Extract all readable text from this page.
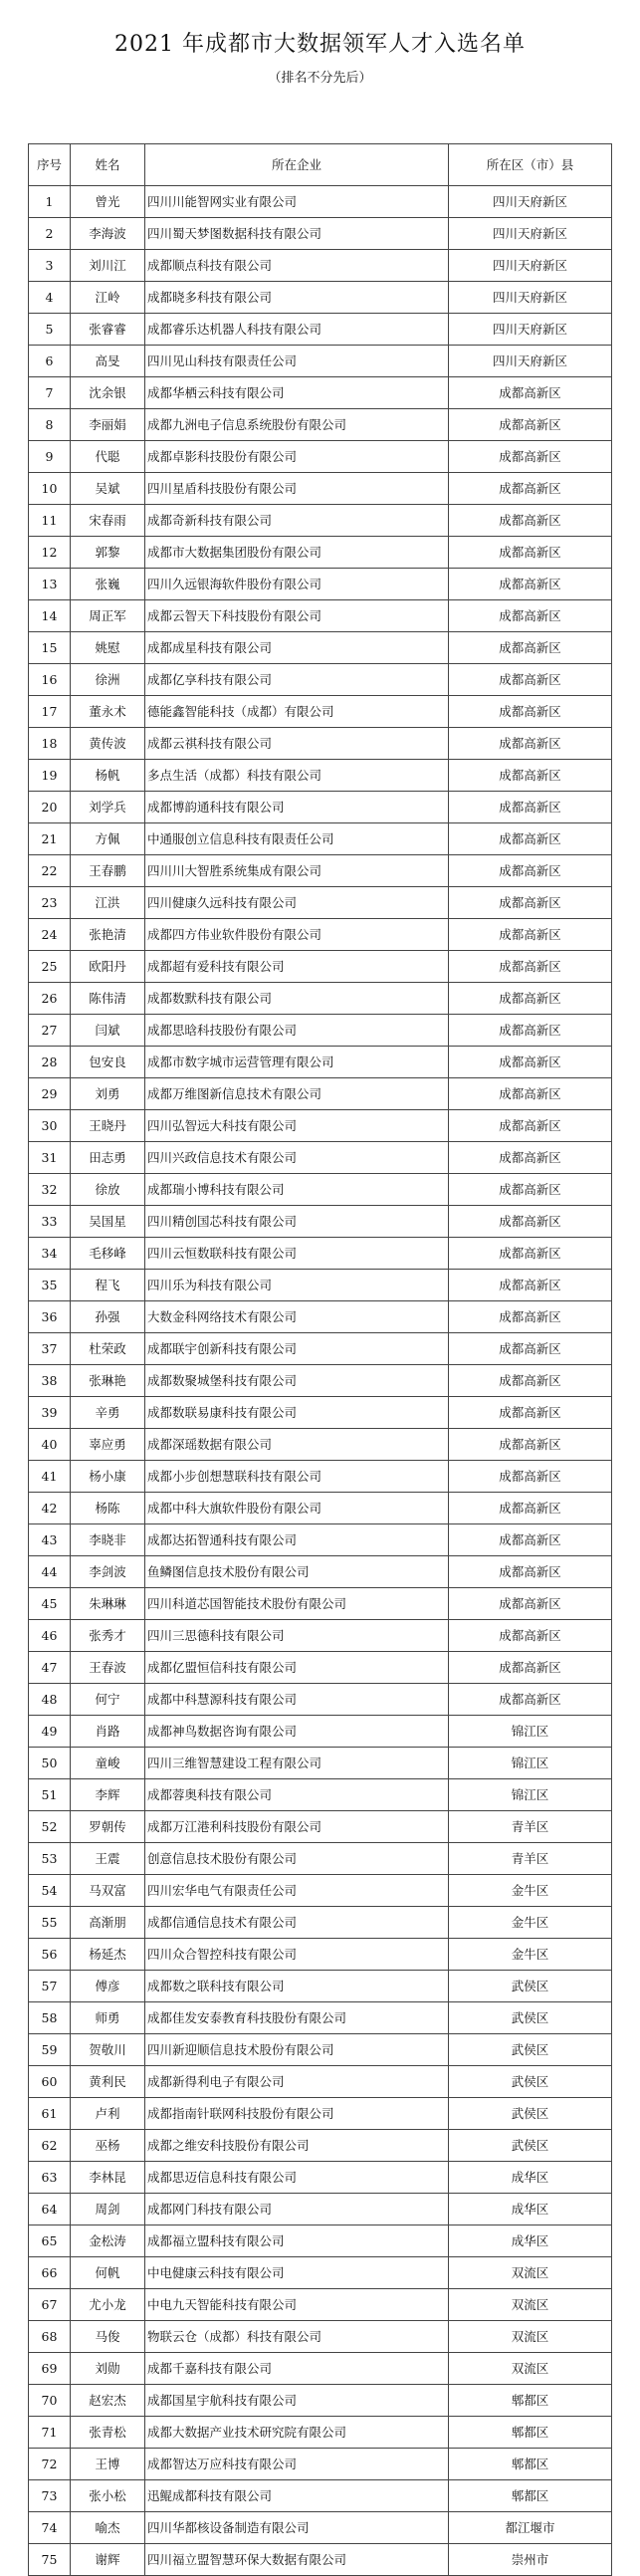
2021 年成都市大数据领军人才入选名单
（排名不分先后）
序号	姓名	所在企业	所在区（市）县
1	曾光	四川川能智网实业有限公司	四川天府新区
2	李海波	四川蜀天梦图数据科技有限公司	四川天府新区
3	刘川江	成都顺点科技有限公司	四川天府新区
4	江岭	成都晓多科技有限公司	四川天府新区
5	张睿睿	成都睿乐达机器人科技有限公司	四川天府新区
6	高旻	四川见山科技有限责任公司	四川天府新区
7	沈余银	成都华栖云科技有限公司	成都高新区
8	李丽娟	成都九洲电子信息系统股份有限公司	成都高新区
9	代聪	成都卓影科技股份有限公司	成都高新区
10	吴斌	四川星盾科技股份有限公司	成都高新区
11	宋春雨	成都奇新科技有限公司	成都高新区
12	郭黎	成都市大数据集团股份有限公司	成都高新区
13	张巍	四川久远银海软件股份有限公司	成都高新区
14	周正军	成都云智天下科技股份有限公司	成都高新区
15	姚慰	成都成星科技有限公司	成都高新区
16	徐洲	成都亿享科技有限公司	成都高新区
17	董永术	德能鑫智能科技（成都）有限公司	成都高新区
18	黄传波	成都云祺科技有限公司	成都高新区
19	杨帆	多点生活（成都）科技有限公司	成都高新区
20	刘学兵	成都博韵通科技有限公司	成都高新区
21	方佩	中通服创立信息科技有限责任公司	成都高新区
22	王春鹏	四川川大智胜系统集成有限公司	成都高新区
23	江洪	四川健康久远科技有限公司	成都高新区
24	张艳清	成都四方伟业软件股份有限公司	成都高新区
25	欧阳丹	成都超有爱科技有限公司	成都高新区
26	陈伟清	成都数默科技有限公司	成都高新区
27	闫斌	成都思晗科技股份有限公司	成都高新区
28	包安良	成都市数字城市运营管理有限公司	成都高新区
29	刘勇	成都万维图新信息技术有限公司	成都高新区
30	王晓丹	四川弘智远大科技有限公司	成都高新区
31	田志勇	四川兴政信息技术有限公司	成都高新区
32	徐放	成都瑞小博科技有限公司	成都高新区
33	吴国星	四川精创国芯科技有限公司	成都高新区
34	毛移峰	四川云恒数联科技有限公司	成都高新区
35	程飞	四川乐为科技有限公司	成都高新区
36	孙强	大数金科网络技术有限公司	成都高新区
37	杜荣政	成都联宇创新科技有限公司	成都高新区
38	张琳艳	成都数聚城堡科技有限公司	成都高新区
39	辛勇	成都数联易康科技有限公司	成都高新区
40	辜应勇	成都深瑶数据有限公司	成都高新区
41	杨小康	成都小步创想慧联科技有限公司	成都高新区
42	杨陈	成都中科大旗软件股份有限公司	成都高新区
43	李晓非	成都达拓智通科技有限公司	成都高新区
44	李剑波	鱼鳞图信息技术股份有限公司	成都高新区
45	朱琳琳	四川科道芯国智能技术股份有限公司	成都高新区
46	张秀才	四川三思德科技有限公司	成都高新区
47	王春波	成都亿盟恒信科技有限公司	成都高新区
48	何宁	成都中科慧源科技有限公司	成都高新区
49	肖路	成都神鸟数据咨询有限公司	锦江区
50	童峻	四川三维智慧建设工程有限公司	锦江区
51	李辉	成都蓉奥科技有限公司	锦江区
52	罗朝传	成都万江港利科技股份有限公司	青羊区
53	王震	创意信息技术股份有限公司	青羊区
54	马双富	四川宏华电气有限责任公司	金牛区
55	高渐朋	成都信通信息技术有限公司	金牛区
56	杨延杰	四川众合智控科技有限公司	金牛区
57	傅彦	成都数之联科技有限公司	武侯区
58	师勇	成都佳发安泰教育科技股份有限公司	武侯区
59	贺敬川	四川新迎顺信息技术股份有限公司	武侯区
60	黄利民	成都新得利电子有限公司	武侯区
61	卢利	成都指南针联网科技股份有限公司	武侯区
62	巫杨	成都之维安科技股份有限公司	武侯区
63	李林昆	成都思迈信息科技有限公司	成华区
64	周剑	成都网门科技有限公司	成华区
65	金松涛	成都福立盟科技有限公司	成华区
66	何帆	中电健康云科技有限公司	双流区
67	尤小龙	中电九天智能科技有限公司	双流区
68	马俊	物联云仓（成都）科技有限公司	双流区
69	刘勋	成都千嘉科技有限公司	双流区
70	赵宏杰	成都国星宇航科技有限公司	郫都区
71	张青松	成都大数据产业技术研究院有限公司	郫都区
72	王博	成都智达万应科技有限公司	郫都区
73	张小松	迅鲲成都科技有限公司	郫都区
74	喻杰	四川华都核设备制造有限公司	都江堰市
75	谢辉	四川福立盟智慧环保大数据有限公司	崇州市
